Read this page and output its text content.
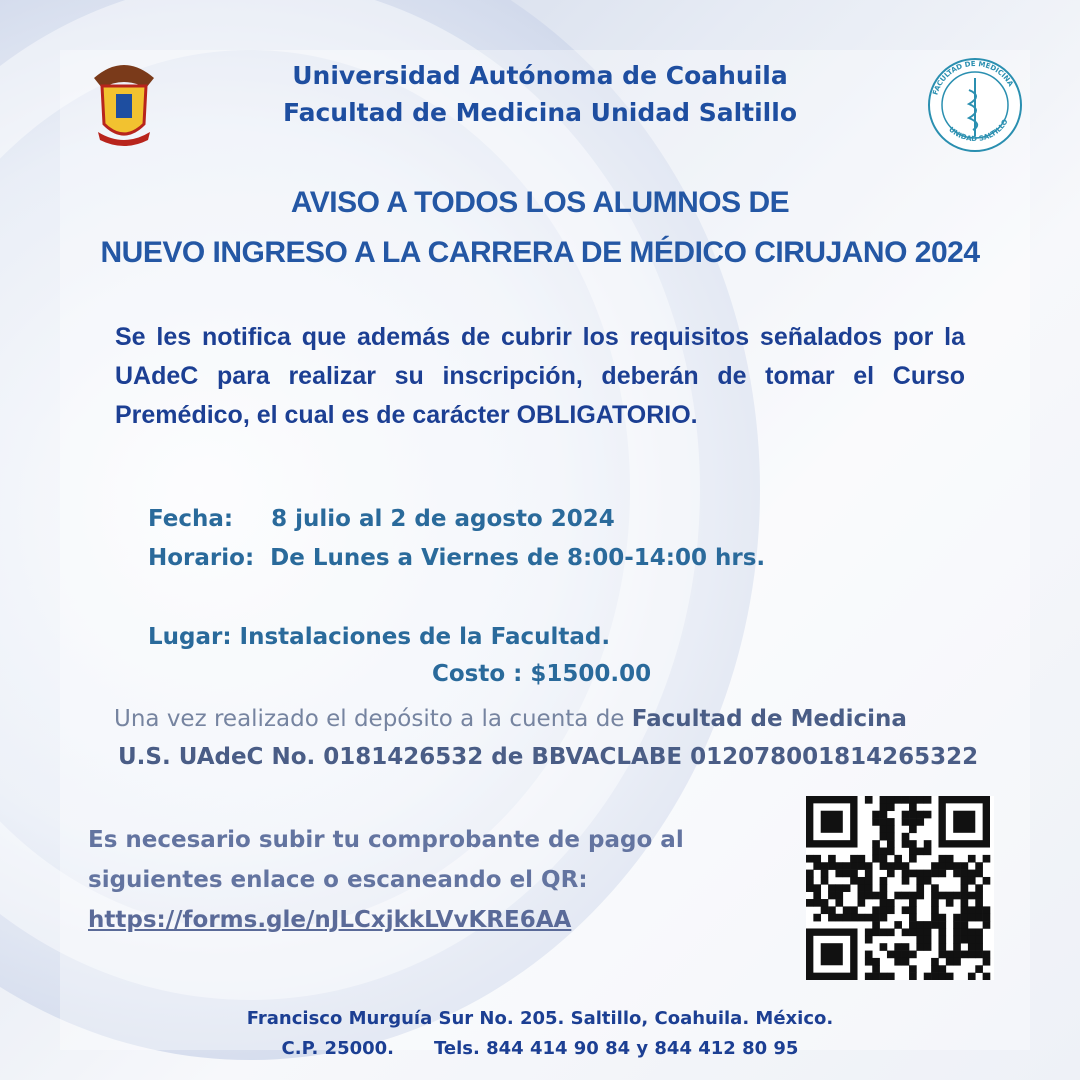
Universidad Autónoma de Coahuila
Facultad de Medicina Unidad Saltillo
FACULTAD DE MEDICINA
UNIDAD SALTILLO
AVISO A TODOS LOS ALUMNOS DE
NUEVO INGRESO A LA CARRERA DE MÉDICO CIRUJANO 2024
Se les notifica que además de cubrir los requisitos señalados por la UAdeC para realizar su inscripción, deberán de tomar el Curso Premédico, el cual es de carácter OBLIGATORIO.
Fecha: 8 julio al 2 de agosto 2024
Horario: De Lunes a Viernes de 8:00-14:00 hrs.
Lugar: Instalaciones de la Facultad.
Costo : $1500.00
Una vez realizado el depósito a la cuenta de Facultad de Medicina
U.S. UAdeC No. 0181426532 de BBVACLABE 012078001814265322
Es necesario subir tu comprobante de pago al
siguientes enlace o escaneando el QR:
https://forms.gle/nJLCxjkkLVvKRE6AA
Francisco Murguía Sur No. 205. Saltillo, Coahuila. México.
C.P. 25000. Tels. 844 414 90 84 y 844 412 80 95
